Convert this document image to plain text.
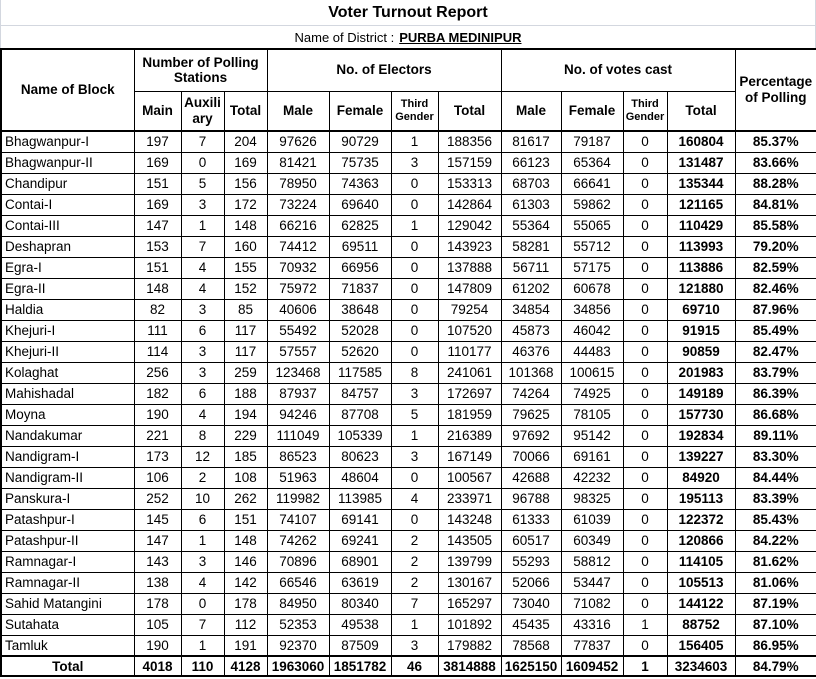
Voter Turnout Report
Name of District : PURBA MEDINIPUR
Name of Block	Number of Polling Stations			No. of Electors				No. of votes cast				Percentage of Polling
	Main	Auxiliary	Total	Male	Female	Third Gender	Total	Male	Female	Third Gender	Total	
Bhagwanpur-I	197	7	204	97626	90729	1	188356	81617	79187	0	160804	85.37%
Bhagwanpur-II	169	0	169	81421	75735	3	157159	66123	65364	0	131487	83.66%
Chandipur	151	5	156	78950	74363	0	153313	68703	66641	0	135344	88.28%
Contai-I	169	3	172	73224	69640	0	142864	61303	59862	0	121165	84.81%
Contai-III	147	1	148	66216	62825	1	129042	55364	55065	0	110429	85.58%
Deshapran	153	7	160	74412	69511	0	143923	58281	55712	0	113993	79.20%
Egra-I	151	4	155	70932	66956	0	137888	56711	57175	0	113886	82.59%
Egra-II	148	4	152	75972	71837	0	147809	61202	60678	0	121880	82.46%
Haldia	82	3	85	40606	38648	0	79254	34854	34856	0	69710	87.96%
Khejuri-I	111	6	117	55492	52028	0	107520	45873	46042	0	91915	85.49%
Khejuri-II	114	3	117	57557	52620	0	110177	46376	44483	0	90859	82.47%
Kolaghat	256	3	259	123468	117585	8	241061	101368	100615	0	201983	83.79%
Mahishadal	182	6	188	87937	84757	3	172697	74264	74925	0	149189	86.39%
Moyna	190	4	194	94246	87708	5	181959	79625	78105	0	157730	86.68%
Nandakumar	221	8	229	111049	105339	1	216389	97692	95142	0	192834	89.11%
Nandigram-I	173	12	185	86523	80623	3	167149	70066	69161	0	139227	83.30%
Nandigram-II	106	2	108	51963	48604	0	100567	42688	42232	0	84920	84.44%
Panskura-I	252	10	262	119982	113985	4	233971	96788	98325	0	195113	83.39%
Patashpur-I	145	6	151	74107	69141	0	143248	61333	61039	0	122372	85.43%
Patashpur-II	147	1	148	74262	69241	2	143505	60517	60349	0	120866	84.22%
Ramnagar-I	143	3	146	70896	68901	2	139799	55293	58812	0	114105	81.62%
Ramnagar-II	138	4	142	66546	63619	2	130167	52066	53447	0	105513	81.06%
Sahid Matangini	178	0	178	84950	80340	7	165297	73040	71082	0	144122	87.19%
Sutahata	105	7	112	52353	49538	1	101892	45435	43316	1	88752	87.10%
Tamluk	190	1	191	92370	87509	3	179882	78568	77837	0	156405	86.95%
Total	4018	110	4128	1963060	1851782	46	3814888	1625150	1609452	1	3234603	84.79%
